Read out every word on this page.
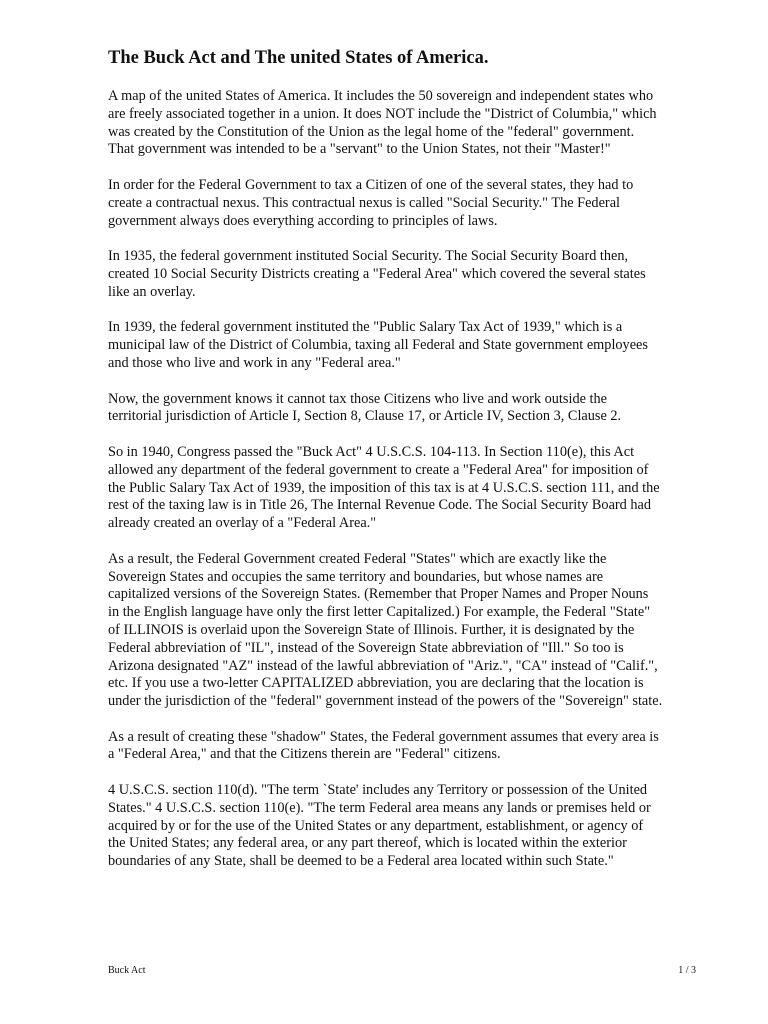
The Buck Act and The united States of America.

A map of the united States of America. It includes the 50 sovereign and independent states who are freely associated together in a union. It does NOT include the "District of Columbia," which was created by the Constitution of the Union as the legal home of the "federal" government. That government was intended to be a "servant" to the Union States, not their "Master!"

In order for the Federal Government to tax a Citizen of one of the several states, they had to create a contractual nexus. This contractual nexus is called "Social Security." The Federal government always does everything according to principles of laws.

In 1935, the federal government instituted Social Security. The Social Security Board then, created 10 Social Security Districts creating a "Federal Area" which covered the several states like an overlay.

In 1939, the federal government instituted the "Public Salary Tax Act of 1939," which is a municipal law of the District of Columbia, taxing all Federal and State government employees and those who live and work in any "Federal area."

Now, the government knows it cannot tax those Citizens who live and work outside the territorial jurisdiction of Article I, Section 8, Clause 17, or Article IV, Section 3, Clause 2.

So in 1940, Congress passed the "Buck Act" 4 U.S.C.S. 104-113. In Section 110(e), this Act allowed any department of the federal government to create a "Federal Area" for imposition of the Public Salary Tax Act of 1939, the imposition of this tax is at 4 U.S.C.S. section 111, and the rest of the taxing law is in Title 26, The Internal Revenue Code. The Social Security Board had already created an overlay of a "Federal Area."

As a result, the Federal Government created Federal "States" which are exactly like the Sovereign States and occupies the same territory and boundaries, but whose names are capitalized versions of the Sovereign States. (Remember that Proper Names and Proper Nouns in the English language have only the first letter Capitalized.) For example, the Federal "State" of ILLINOIS is overlaid upon the Sovereign State of Illinois. Further, it is designated by the Federal abbreviation of "IL", instead of the Sovereign State abbreviation of "Ill." So too is Arizona designated "AZ" instead of the lawful abbreviation of "Ariz.", "CA" instead of "Calif.", etc. If you use a two-letter CAPITALIZED abbreviation, you are declaring that the location is under the jurisdiction of the "federal" government instead of the powers of the "Sovereign" state.

As a result of creating these "shadow" States, the Federal government assumes that every area is a "Federal Area," and that the Citizens therein are "Federal" citizens.

4 U.S.C.S. section 110(d). "The term `State' includes any Territory or possession of the United States." 4 U.S.C.S. section 110(e). "The term Federal area means any lands or premises held or acquired by or for the use of the United States or any department, establishment, or agency of the United States; any federal area, or any part thereof, which is located within the exterior boundaries of any State, shall be deemed to be a Federal area located within such State."

Buck Act	1 / 3
